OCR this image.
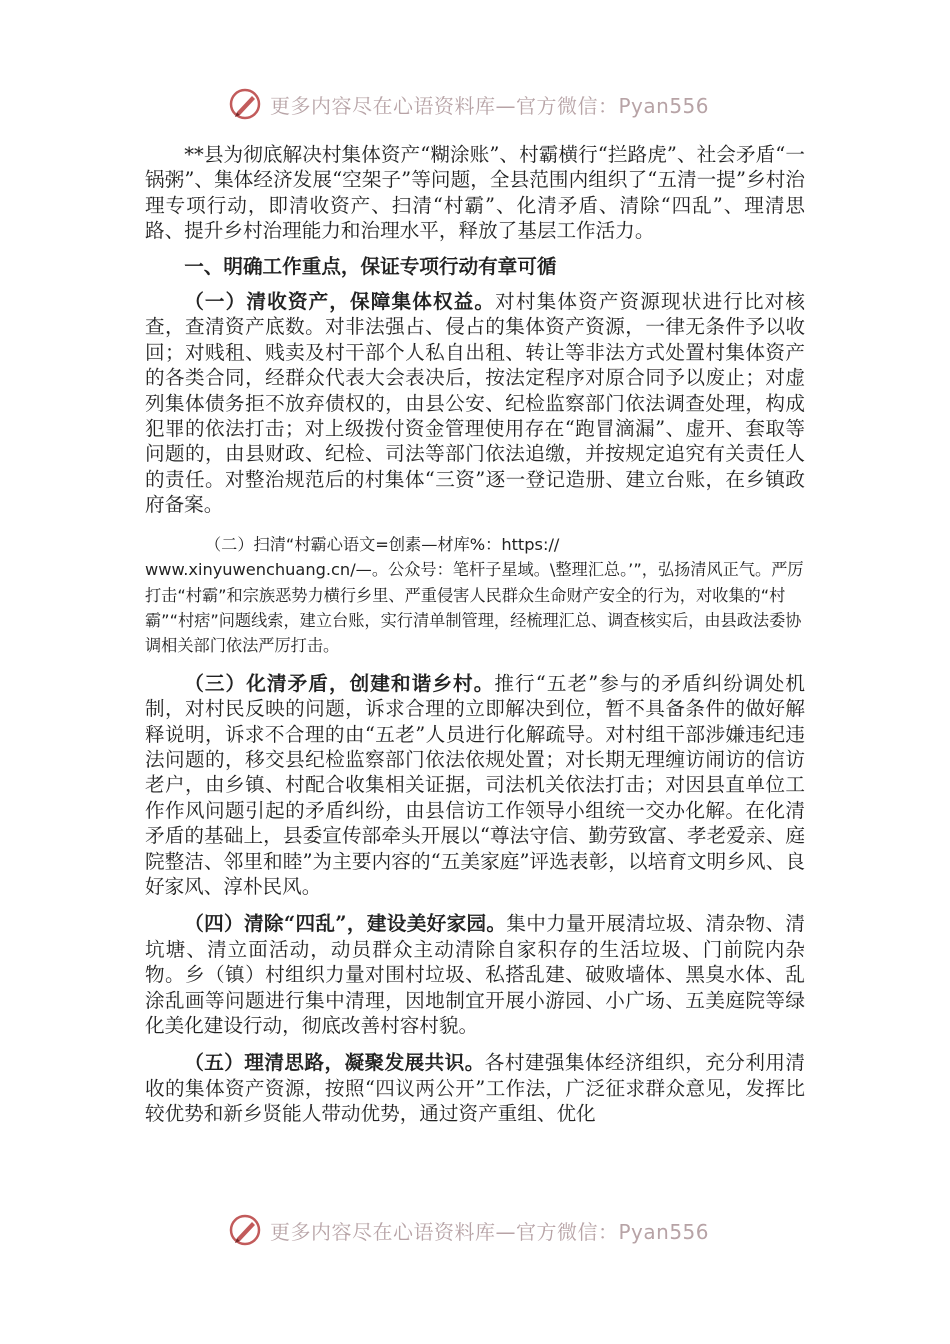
更多内容尽在心语资料库—官方微信：Pyan556

**县为彻底解决村集体资产“糊涂账”、村霸横行“拦路虎”、社会矛盾“一锅粥”、集体经济发展“空架子”等问题，全县范围内组织了“五清一提”乡村治理专项行动，即清收资产、扫清“村霸”、化清矛盾、清除“四乱”、理清思路、提升乡村治理能力和治理水平，释放了基层工作活力。

一、明确工作重点，保证专项行动有章可循

（一）清收资产，保障集体权益。对村集体资产资源现状进行比对核查，查清资产底数。对非法强占、侵占的集体资产资源，一律无条件予以收回；对贱租、贱卖及村干部个人私自出租、转让等非法方式处置村集体资产的各类合同，经群众代表大会表决后，按法定程序对原合同予以废止；对虚列集体债务拒不放弃债权的，由县公安、纪检监察部门依法调查处理，构成犯罪的依法打击；对上级拨付资金管理使用存在“跑冒滴漏”、虚开、套取等问题的，由县财政、纪检、司法等部门依法追缴，并按规定追究有关责任人的责任。对整治规范后的村集体“三资”逐一登记造册、建立台账，在乡镇政府备案。

（二）扫清“村霸心语文=创素—材库%：https://
www.xinyuwenchuang.cn/—。公众号：笔杆子星域。\整理汇总。’”，弘扬清风正气。严厉打击“村霸”和宗族恶势力横行乡里、严重侵害人民群众生命财产安全的行为，对收集的“村霸”“村痞”问题线索，建立台账，实行清单制管理，经梳理汇总、调查核实后，由县政法委协调相关部门依法严厉打击。

（三）化清矛盾，创建和谐乡村。推行“五老”参与的矛盾纠纷调处机制，对村民反映的问题，诉求合理的立即解决到位，暂不具备条件的做好解释说明，诉求不合理的由“五老”人员进行化解疏导。对村组干部涉嫌违纪违法问题的，移交县纪检监察部门依法依规处置；对长期无理缠访闹访的信访老户，由乡镇、村配合收集相关证据，司法机关依法打击；对因县直单位工作作风问题引起的矛盾纠纷，由县信访工作领导小组统一交办化解。在化清矛盾的基础上，县委宣传部牵头开展以“尊法守信、勤劳致富、孝老爱亲、庭院整洁、邻里和睦”为主要内容的“五美家庭”评选表彰，以培育文明乡风、良好家风、淳朴民风。

（四）清除“四乱”，建设美好家园。集中力量开展清垃圾、清杂物、清坑塘、清立面活动，动员群众主动清除自家积存的生活垃圾、门前院内杂物。乡（镇）村组织力量对围村垃圾、私搭乱建、破败墙体、黑臭水体、乱涂乱画等问题进行集中清理，因地制宜开展小游园、小广场、五美庭院等绿化美化建设行动，彻底改善村容村貌。

（五）理清思路，凝聚发展共识。各村建强集体经济组织，充分利用清收的集体资产资源，按照“四议两公开”工作法，广泛征求群众意见，发挥比较优势和新乡贤能人带动优势，通过资产重组、优化

更多内容尽在心语资料库—官方微信：Pyan556
